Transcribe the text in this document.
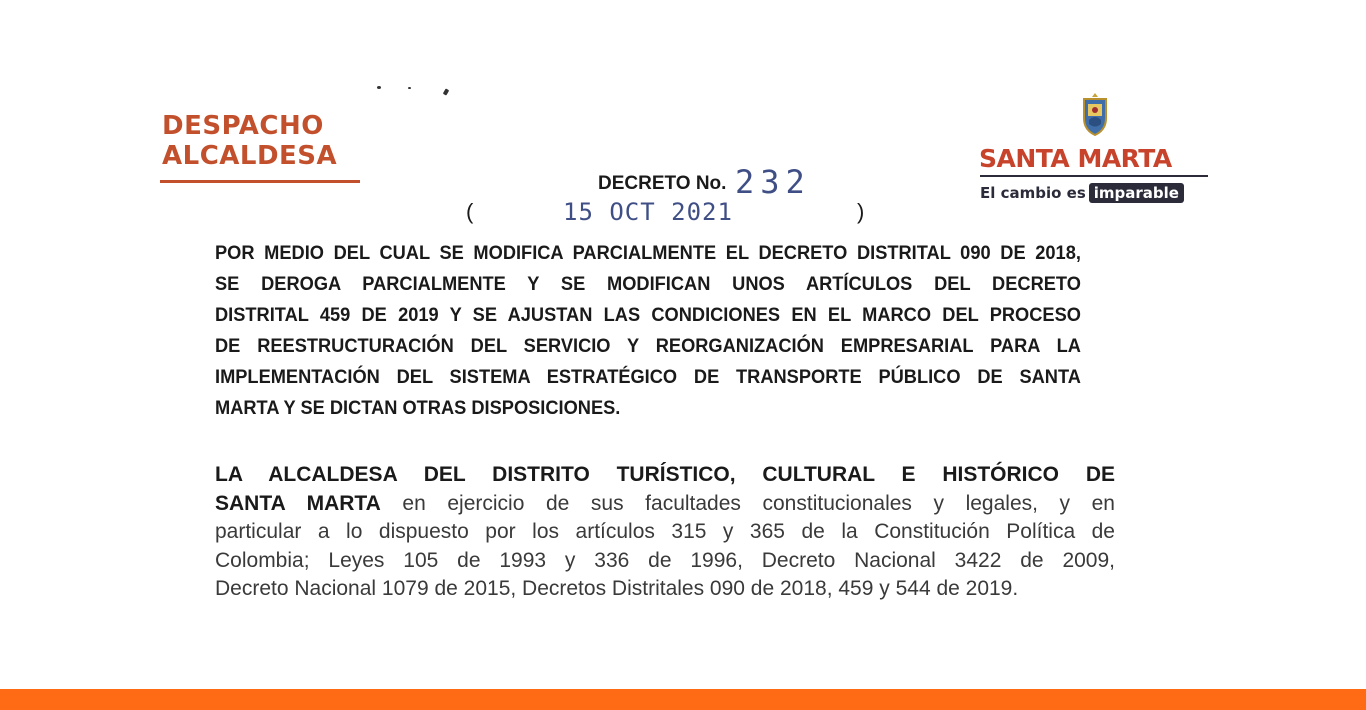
DESPACHO
ALCALDESA	SANTA MARTA
El cambio es imparable
DECRETO No. 232
(	15 OCT 2021	)
POR MEDIO DEL CUAL SE MODIFICA PARCIALMENTE EL DECRETO DISTRITAL 090 DE 2018,
SE DEROGA PARCIALMENTE Y SE MODIFICAN UNOS ARTÍCULOS DEL DECRETO
DISTRITAL 459 DE 2019 Y SE AJUSTAN LAS CONDICIONES EN EL MARCO DEL PROCESO
DE REESTRUCTURACIÓN DEL SERVICIO Y REORGANIZACIÓN EMPRESARIAL PARA LA
IMPLEMENTACIÓN DEL SISTEMA ESTRATÉGICO DE TRANSPORTE PÚBLICO DE SANTA
MARTA Y SE DICTAN OTRAS DISPOSICIONES.
LA ALCALDESA DEL DISTRITO TURÍSTICO, CULTURAL E HISTÓRICO DE
SANTA MARTA en ejercicio de sus facultades constitucionales y legales, y en
particular a lo dispuesto por los artículos 315 y 365 de la Constitución Política de
Colombia; Leyes 105 de 1993 y 336 de 1996, Decreto Nacional 3422 de 2009,
Decreto Nacional 1079 de 2015, Decretos Distritales 090 de 2018, 459 y 544 de 2019.
